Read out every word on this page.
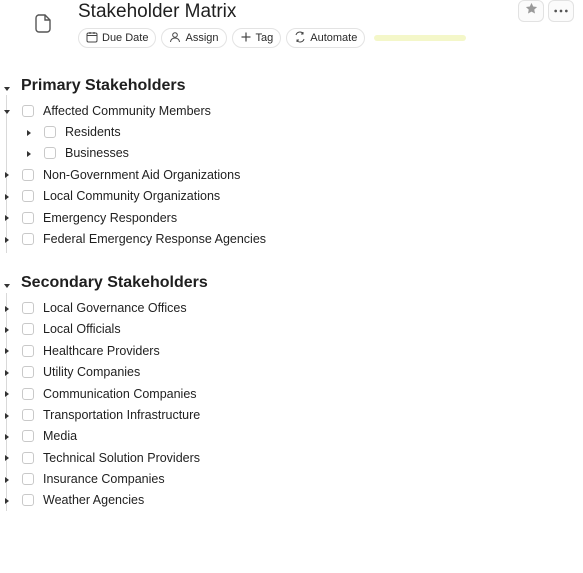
Stakeholder Matrix
Due Date	Assign	Tag	Automate
Primary Stakeholders
Affected Community Members
Residents
Businesses
Non-Government Aid Organizations
Local Community Organizations
Emergency Responders
Federal Emergency Response Agencies
Secondary Stakeholders
Local Governance Offices
Local Officials
Healthcare Providers
Utility Companies
Communication Companies
Transportation Infrastructure
Media
Technical Solution Providers
Insurance Companies
Weather Agencies
